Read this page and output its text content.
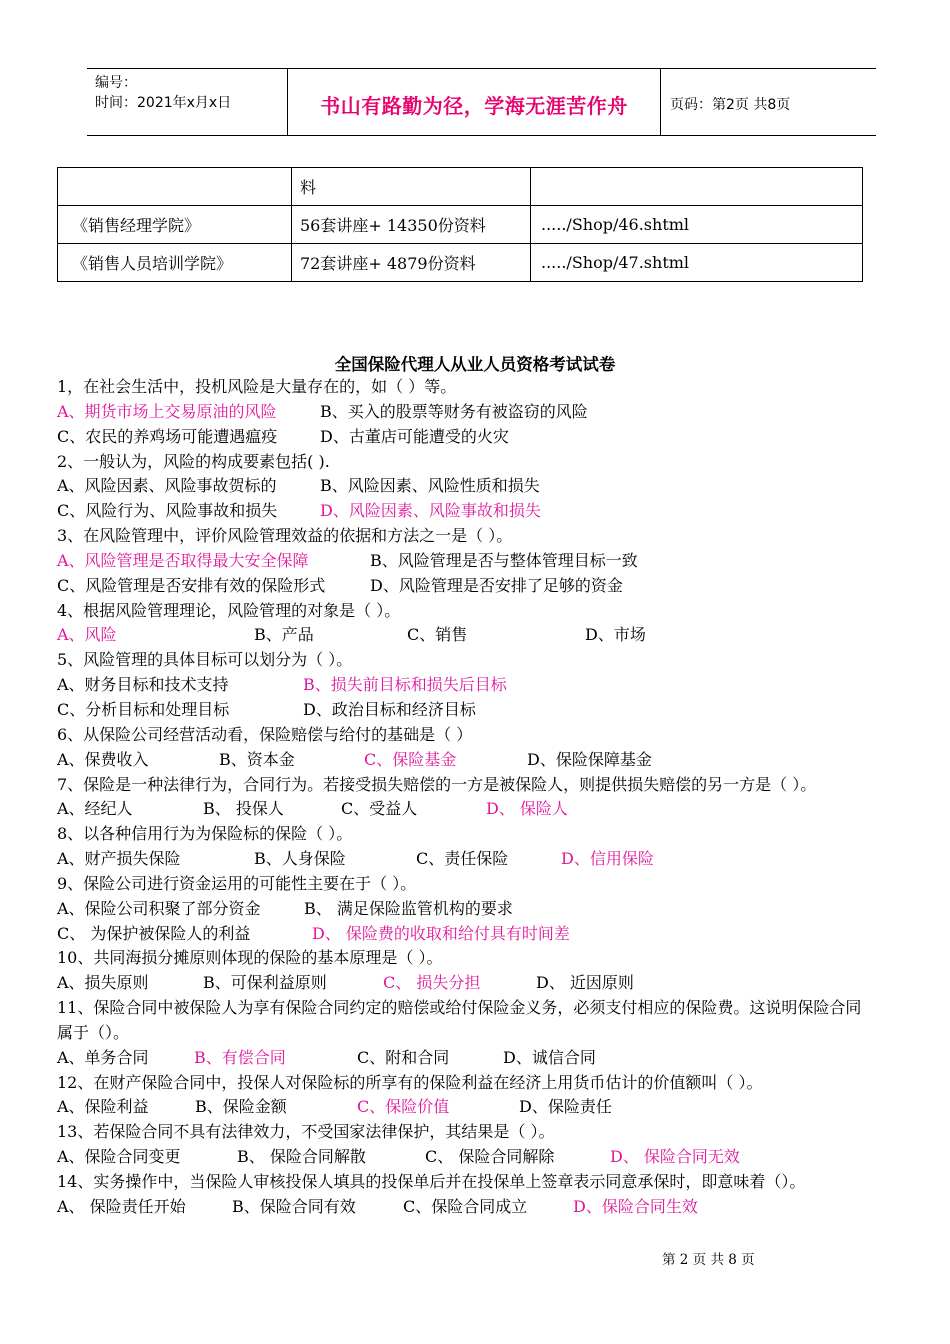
编号：
时间：2021年x月x日	书山有路勤为径，学海无涯苦作舟	页码：第2页 共8页
	料	
《销售经理学院》	56套讲座+ 14350份资料	...../Shop/46.shtml
《销售人员培训学院》	72套讲座+ 4879份资料	...../Shop/47.shtml
全国保险代理人从业人员资格考试试卷
1，在社会生活中，投机风险是大量存在的，如（ ）等。
A、期货市场上交易原油的风险	B、买入的股票等财务有被盗窃的风险
C、农民的养鸡场可能遭遇瘟疫	D、古董店可能遭受的火灾
2、一般认为，风险的构成要素包括( ).
A、风险因素、风险事故贺标的	B、风险因素、风险性质和损失
C、风险行为、风险事故和损失	D、风险因素、风险事故和损失
3、在风险管理中，评价风险管理效益的依据和方法之一是（ ）。
A、风险管理是否取得最大安全保障	B、风险管理是否与整体管理目标一致
C、风险管理是否安排有效的保险形式	D、风险管理是否安排了足够的资金
4、根据风险管理理论，风险管理的对象是（ ）。
A、风险	B、产品	C、销售	D、市场
5、风险管理的具体目标可以划分为（ ）。
A、财务目标和技术支持	B、损失前目标和损失后目标
C、分析目标和处理目标	D、政治目标和经济目标
6、从保险公司经营活动看，保险赔偿与给付的基础是（ ）
A、保费收入	B、资本金	C、保险基金	D、保险保障基金
7、保险是一种法律行为，合同行为。若接受损失赔偿的一方是被保险人，则提供损失赔偿的另一方是（ ）。
A、经纪人	B、 投保人	C、受益人	D、 保险人
8、以各种信用行为为保险标的保险（ ）。
A、财产损失保险	B、人身保险	C、责任保险	D、信用保险
9、保险公司进行资金运用的可能性主要在于（ ）。
A、保险公司积聚了部分资金	B、 满足保险监管机构的要求
C、 为保护被保险人的利益	D、 保险费的收取和给付具有时间差
10、共同海损分摊原则体现的保险的基本原理是（ ）。
A、损失原则	B、可保利益原则	C、 损失分担	D、 近因原则
11、保险合同中被保险人为享有保险合同约定的赔偿或给付保险金义务，必须支付相应的保险费。这说明保险合同
属于（）。
A、单务合同	B、有偿合同	C、附和合同	D、诚信合同
12、在财产保险合同中，投保人对保险标的所享有的保险利益在经济上用货币估计的价值额叫（ ）。
A、保险利益	B、保险金额	C、保险价值	D、保险责任
13、若保险合同不具有法律效力，不受国家法律保护，其结果是（ ）。
A、保险合同变更	B、 保险合同解散	C、 保险合同解除	D、 保险合同无效
14、实务操作中，当保险人审核投保人填具的投保单后并在投保单上签章表示同意承保时，即意味着（）。
A、 保险责任开始	B、保险合同有效	C、保险合同成立	D、保险合同生效
第 2 页 共 8 页
